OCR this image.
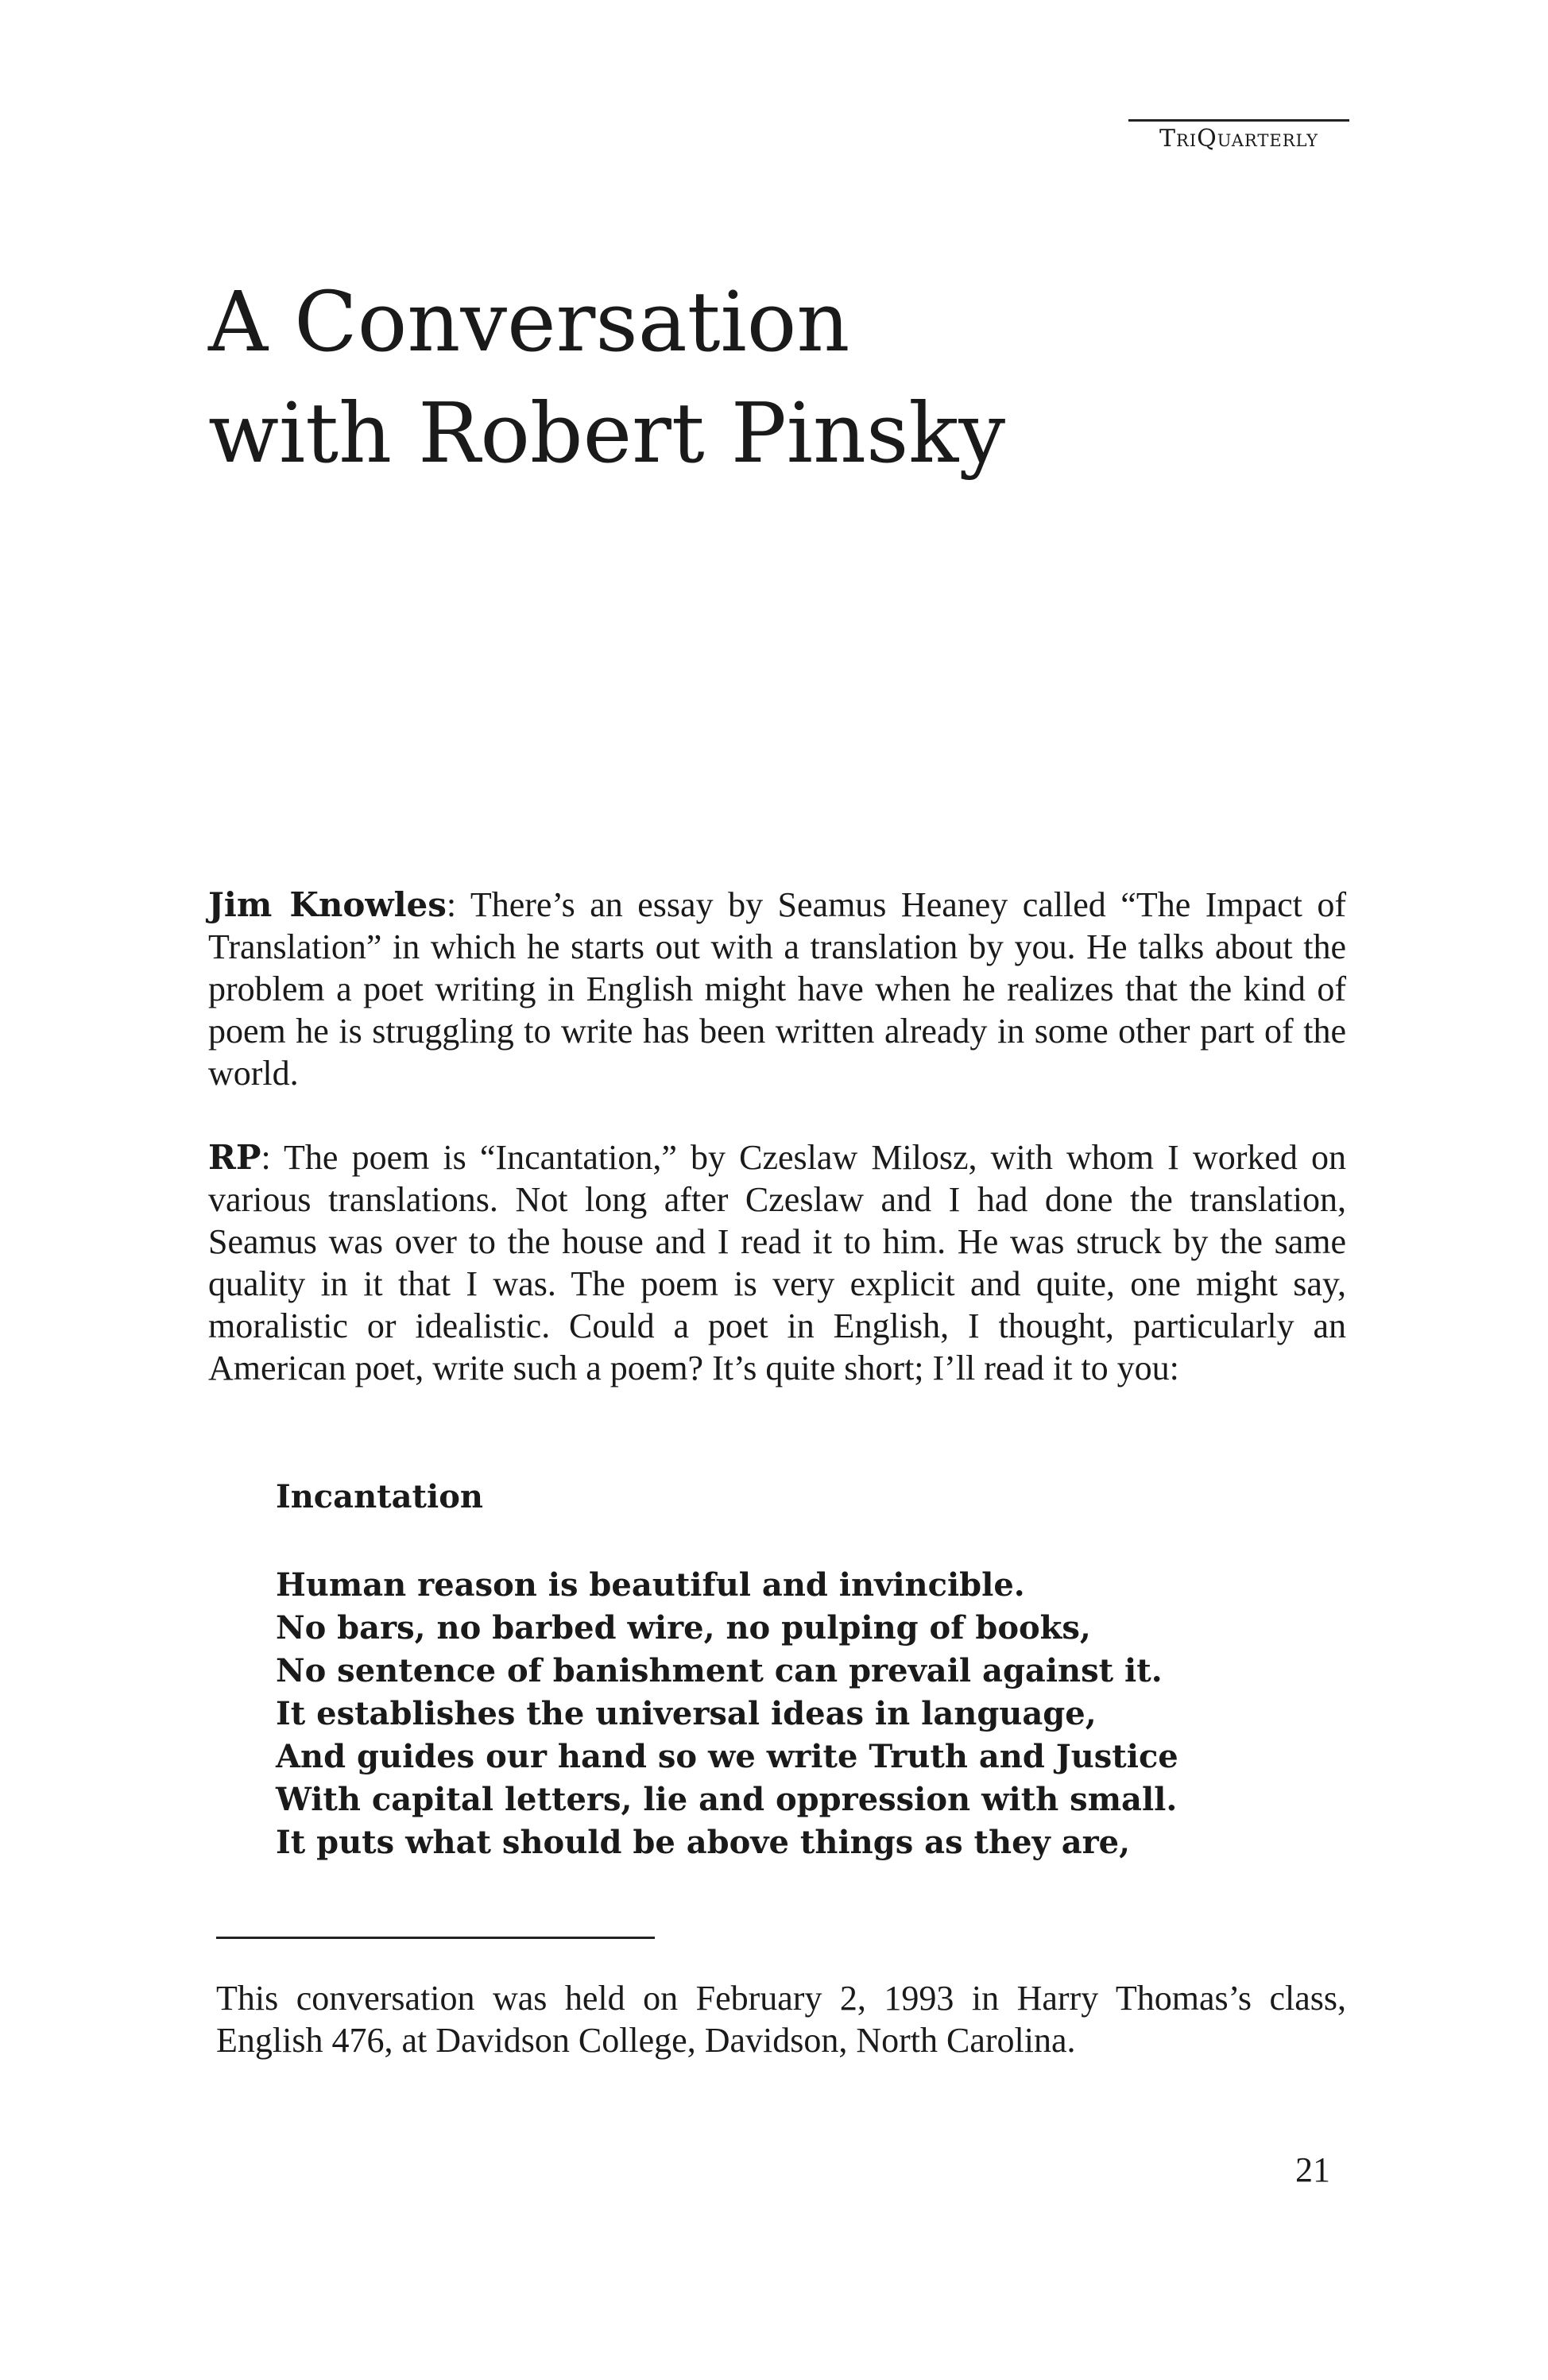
TriQuarterly
A Conversation
with Robert Pinsky

Jim Knowles: There’s an essay by Seamus Heaney called “The Impact of Translation” in which he starts out with a translation by you. He talks about the problem a poet writing in English might have when he realizes that the kind of poem he is struggling to write has been written already in some other part of the world.

RP: The poem is “Incantation,” by Czeslaw Milosz, with whom I worked on various translations. Not long after Czeslaw and I had done the translation, Seamus was over to the house and I read it to him. He was struck by the same quality in it that I was. The poem is very explicit and quite, one might say, moralistic or idealistic. Could a poet in English, I thought, particularly an American poet, write such a poem? It’s quite short; I’ll read it to you:

Incantation
Human reason is beautiful and invincible.
No bars, no barbed wire, no pulping of books,
No sentence of banishment can prevail against it.
It establishes the universal ideas in language,
And guides our hand so we write Truth and Justice
With capital letters, lie and oppression with small.
It puts what should be above things as they are,

This conversation was held on February 2, 1993 in Harry Thomas’s class, English 476, at Davidson College, Davidson, North Carolina.

21
